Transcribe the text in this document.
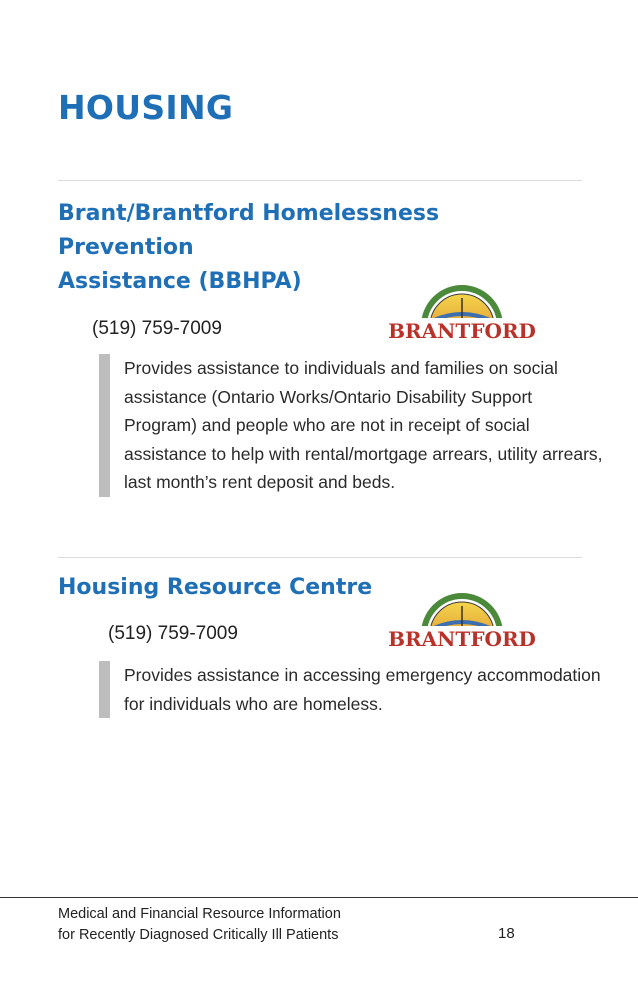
HOUSING
Brant/Brantford Homelessness
Prevention
Assistance (BBHPA)
(519) 759-7009	BRANTFORD
Provides assistance to individuals and families on social assistance (Ontario Works/Ontario Disability Support Program) and people who are not in receipt of social assistance to help with rental/mortgage arrears, utility arrears, last month’s rent deposit and beds.
Housing Resource Centre
(519) 759-7009	BRANTFORD
Provides assistance in accessing emergency accommodation for individuals who are homeless.
Medical and Financial Resource Information
for Recently Diagnosed Critically Ill Patients	18
